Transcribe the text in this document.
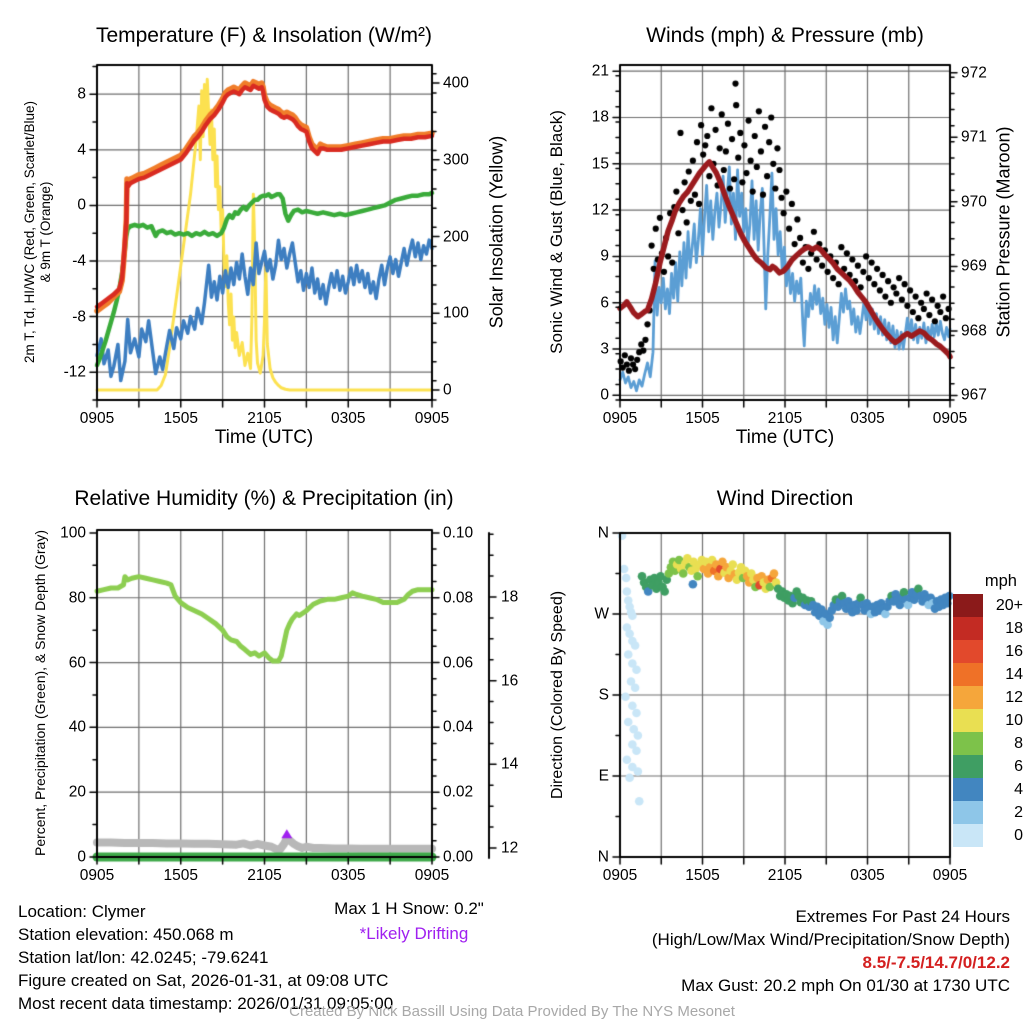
Temperature (F) & Insolation (W/m²)	Winds (mph) & Pressure (mb)
Relative Humidity (%) & Precipitation (in)	Wind Direction
2m T, Td, HI/WC (Red, Green, Scarlet/Blue) & 9m T (Orange)	Solar Insolation (Yellow) Sonic Wind & Gust (Blue, Black)	Station Pressure (Maroon)
Percent, Precipitation (Green), & Snow Depth (Gray)	Direction (Colored By Speed)
Time (UTC)	Time (UTC)
mph
20+
18
16
14
12
10
8
6
4
2
0
Location: Clymer
Station elevation: 450.068 m
Station lat/lon: 42.0245; -79.6241
Figure created on Sat, 2026-01-31, at 09:08 UTC
Most recent data timestamp: 2026/01/31 09:05:00
Max 1 H Snow: 0.2"
*Likely Drifting
Extremes For Past 24 Hours
(High/Low/Max Wind/Precipitation/Snow Depth)
8.5/-7.5/14.7/0/12.2
Max Gust: 20.2 mph On 01/30 at 1730 UTC
Created By Nick Bassill Using Data Provided By The NYS Mesonet
0905	1505	2105	0305	0905
-12
-8
-4
0
4
8
0
100
200
300
400
0905	1505	2105	0305	0905
0
3
6
9
12
15
18
21
967
968
969
970
971
972
0905	1505	2105	0305	0905
0
20
40
60
80
100
0.00
0.02
0.04
0.06
0.08
0.10
12
14
16
18
0905	1505	2105	0305	0905
N
E
S
W
N
